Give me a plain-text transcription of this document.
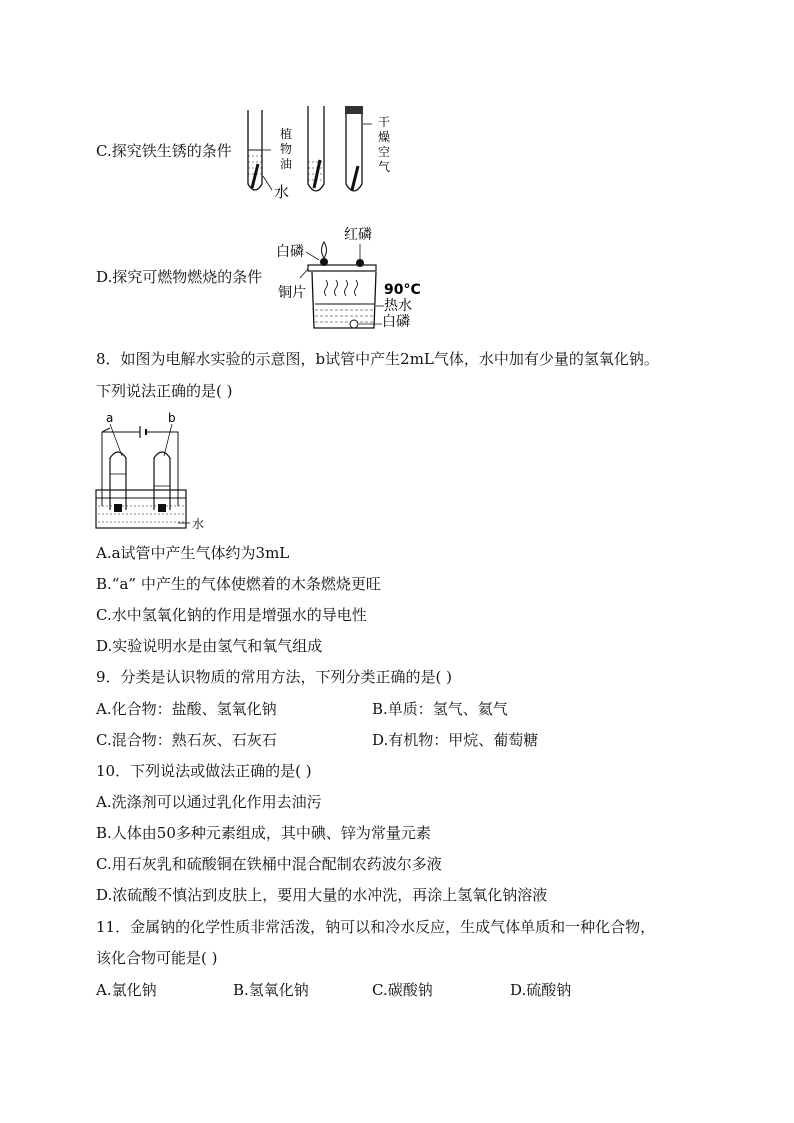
C.探究铁生锈的条件
植
物
油
水
干
燥
空
气
D.探究可燃物燃烧的条件
白磷
红磷
铜片	90°C
热水
白磷
8．如图为电解水实验的示意图，b试管中产生2mL气体，水中加有少量的氢氧化钠。
下列说法正确的是( )
a	b
水
A.a试管中产生气体约为3mL
B.“a” 中产生的气体使燃着的木条燃烧更旺
C.水中氢氧化钠的作用是增强水的导电性
D.实验说明水是由氢气和氧气组成
9．分类是认识物质的常用方法，下列分类正确的是( )
A.化合物：盐酸、氢氧化钠	B.单质：氢气、氦气
C.混合物：熟石灰、石灰石	D.有机物：甲烷、葡萄糖
10．下列说法或做法正确的是( )
A.洗涤剂可以通过乳化作用去油污
B.人体由50多种元素组成，其中碘、锌为常量元素
C.用石灰乳和硫酸铜在铁桶中混合配制农药波尔多液
D.浓硫酸不慎沾到皮肤上，要用大量的水冲洗，再涂上氢氧化钠溶液
11．金属钠的化学性质非常活泼，钠可以和冷水反应，生成气体单质和一种化合物，
该化合物可能是( )
A.氯化钠	B.氢氧化钠	C.碳酸钠	D.硫酸钠
